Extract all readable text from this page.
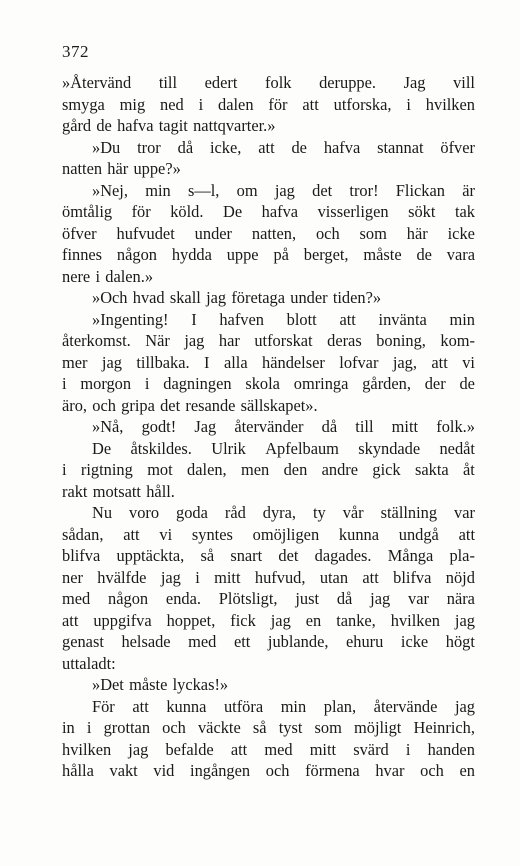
372
»Återvänd till edert folk deruppe. Jag vill
smyga mig ned i dalen för att utforska, i hvilken
gård de hafva tagit nattqvarter.»
»Du tror då icke, att de hafva stannat öfver
natten här uppe?»
»Nej, min s—l, om jag det tror! Flickan är
ömtålig för köld. De hafva visserligen sökt tak
öfver hufvudet under natten, och som här icke
finnes någon hydda uppe på berget, måste de vara
nere i dalen.»
»Och hvad skall jag företaga under tiden?»
»Ingenting! I hafven blott att invänta min
återkomst. När jag har utforskat deras boning, kom-
mer jag tillbaka. I alla händelser lofvar jag, att vi
i morgon i dagningen skola omringa gården, der de
äro, och gripa det resande sällskapet».
»Nå, godt! Jag återvänder då till mitt folk.»
De åtskildes. Ulrik Apfelbaum skyndade nedåt
i rigtning mot dalen, men den andre gick sakta åt
rakt motsatt håll.
Nu voro goda råd dyra, ty vår ställning var
sådan, att vi syntes omöjligen kunna undgå att
blifva upptäckta, så snart det dagades. Många pla-
ner hvälfde jag i mitt hufvud, utan att blifva nöjd
med någon enda. Plötsligt, just då jag var nära
att uppgifva hoppet, fick jag en tanke, hvilken jag
genast helsade med ett jublande, ehuru icke högt
uttaladt:
»Det måste lyckas!»
För att kunna utföra min plan, återvände jag
in i grottan och väckte så tyst som möjligt Heinrich,
hvilken jag befalde att med mitt svärd i handen
hålla vakt vid ingången och förmena hvar och en
